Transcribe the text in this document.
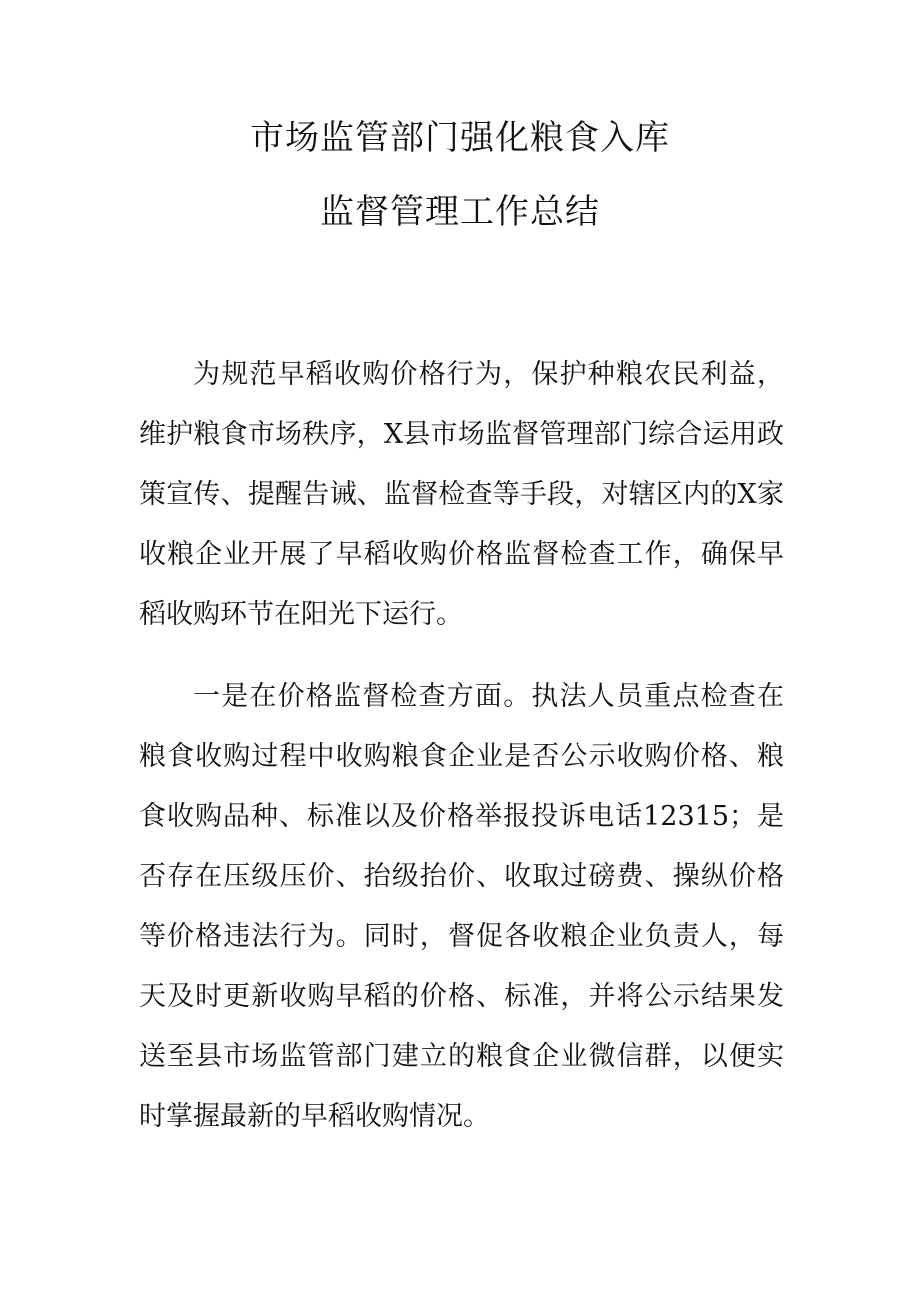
市场监管部门强化粮食入库
监督管理工作总结

为规范早稻收购价格行为，保护种粮农民利益，维护粮食市场秩序，X县市场监督管理部门综合运用政策宣传、提醒告诫、监督检查等手段，对辖区内的X家收粮企业开展了早稻收购价格监督检查工作，确保早稻收购环节在阳光下运行。

一是在价格监督检查方面。执法人员重点检查在粮食收购过程中收购粮食企业是否公示收购价格、粮食收购品种、标准以及价格举报投诉电话12315；是否存在压级压价、抬级抬价、收取过磅费、操纵价格等价格违法行为。同时，督促各收粮企业负责人，每天及时更新收购早稻的价格、标准，并将公示结果发送至县市场监管部门建立的粮食企业微信群，以便实时掌握最新的早稻收购情况。
